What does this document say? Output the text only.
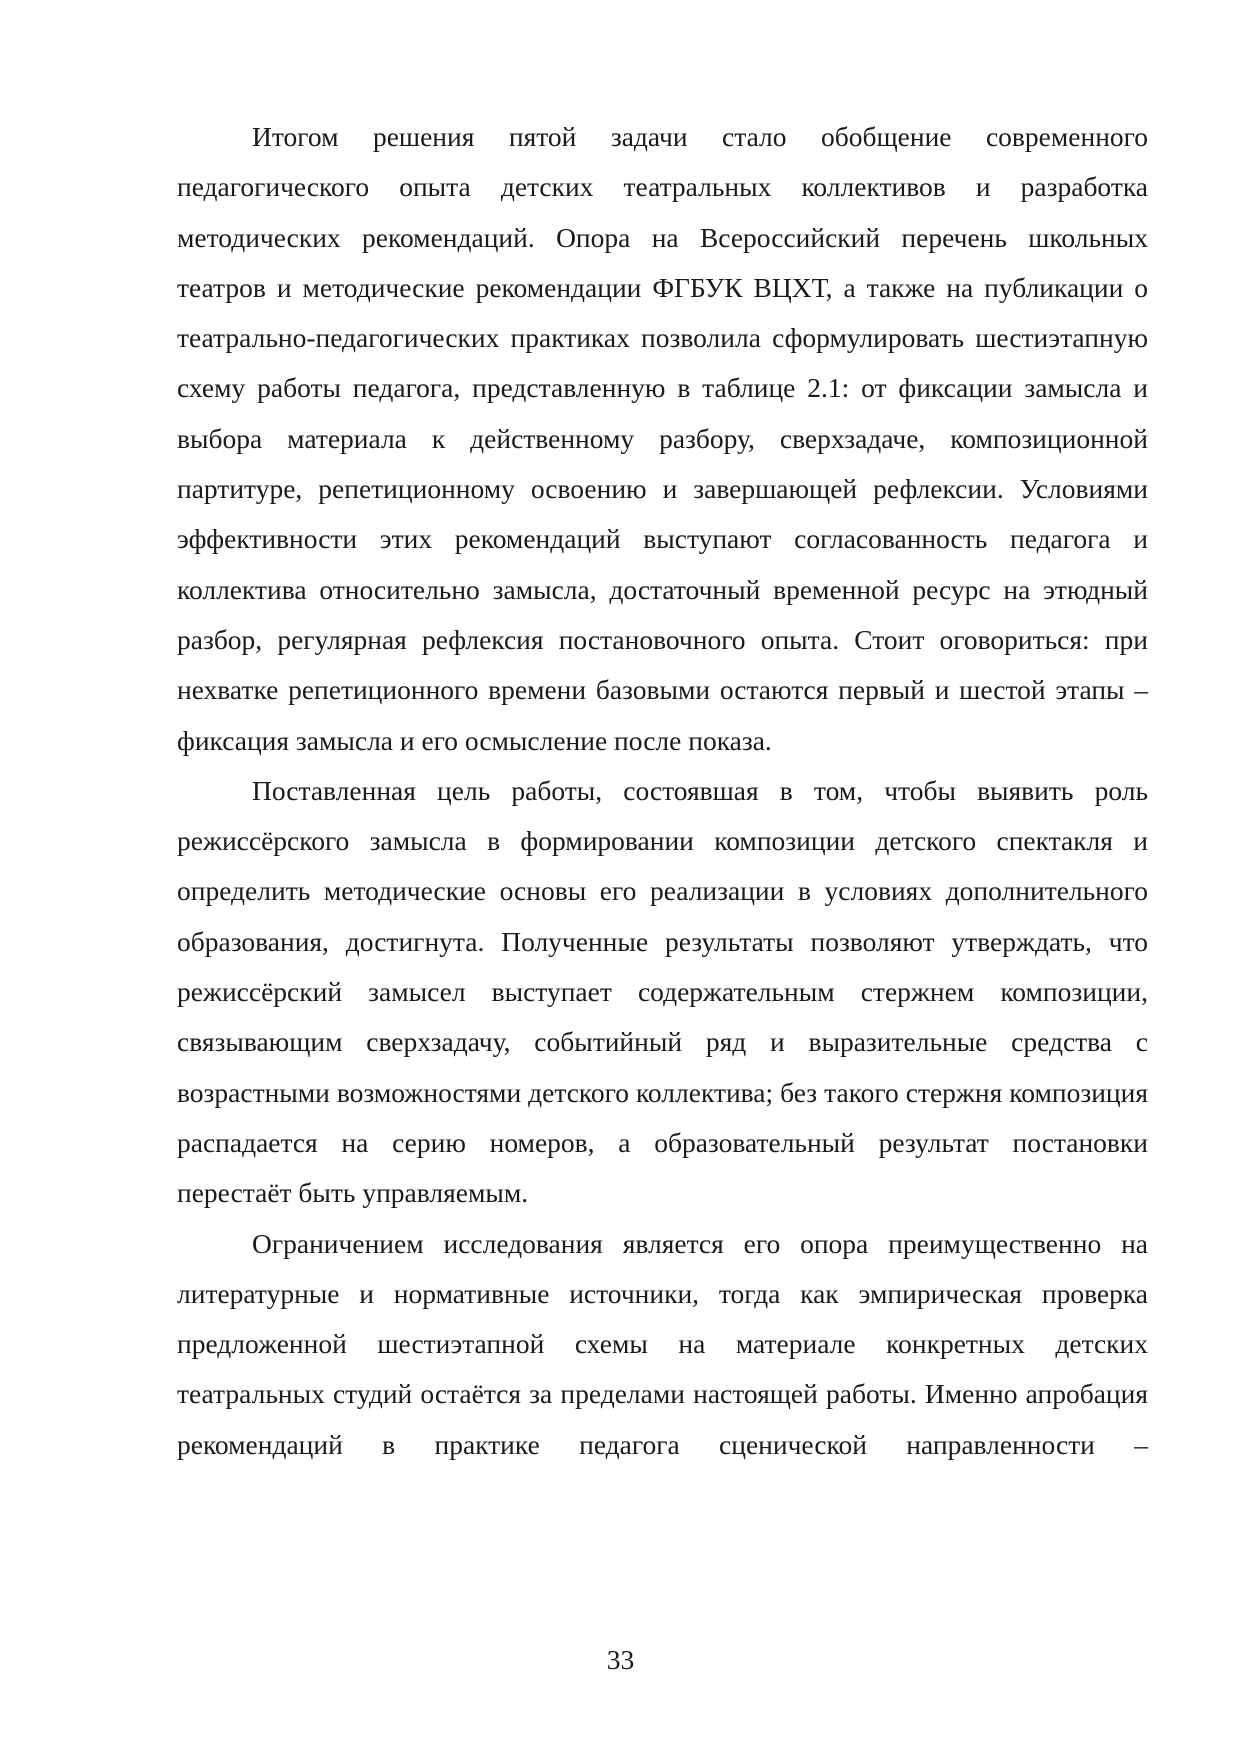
Итогом решения пятой задачи стало обобщение современного педагогического опыта детских театральных коллективов и разработка методических рекомендаций. Опора на Всероссийский перечень школьных театров и методические рекомендации ФГБУК ВЦХТ, а также на публикации о театрально-педагогических практиках позволила сформулировать шестиэтапную схему работы педагога, представленную в таблице 2.1: от фиксации замысла и выбора материала к действенному разбору, сверхзадаче, композиционной партитуре, репетиционному освоению и завершающей рефлексии. Условиями эффективности этих рекомендаций выступают согласованность педагога и коллектива относительно замысла, достаточный временной ресурс на этюдный разбор, регулярная рефлексия постановочного опыта. Стоит оговориться: при нехватке репетиционного времени базовыми остаются первый и шестой этапы – фиксация замысла и его осмысление после показа.

Поставленная цель работы, состоявшая в том, чтобы выявить роль режиссёрского замысла в формировании композиции детского спектакля и определить методические основы его реализации в условиях дополнительного образования, достигнута. Полученные результаты позволяют утверждать, что режиссёрский замысел выступает содержательным стержнем композиции, связывающим сверхзадачу, событийный ряд и выразительные средства с возрастными возможностями детского коллектива; без такого стержня композиция распадается на серию номеров, а образовательный результат постановки перестаёт быть управляемым.

Ограничением исследования является его опора преимущественно на литературные и нормативные источники, тогда как эмпирическая проверка предложенной шестиэтапной схемы на материале конкретных детских театральных студий остаётся за пределами настоящей работы. Именно апробация рекомендаций в практике педагога сценической направленности –

33
